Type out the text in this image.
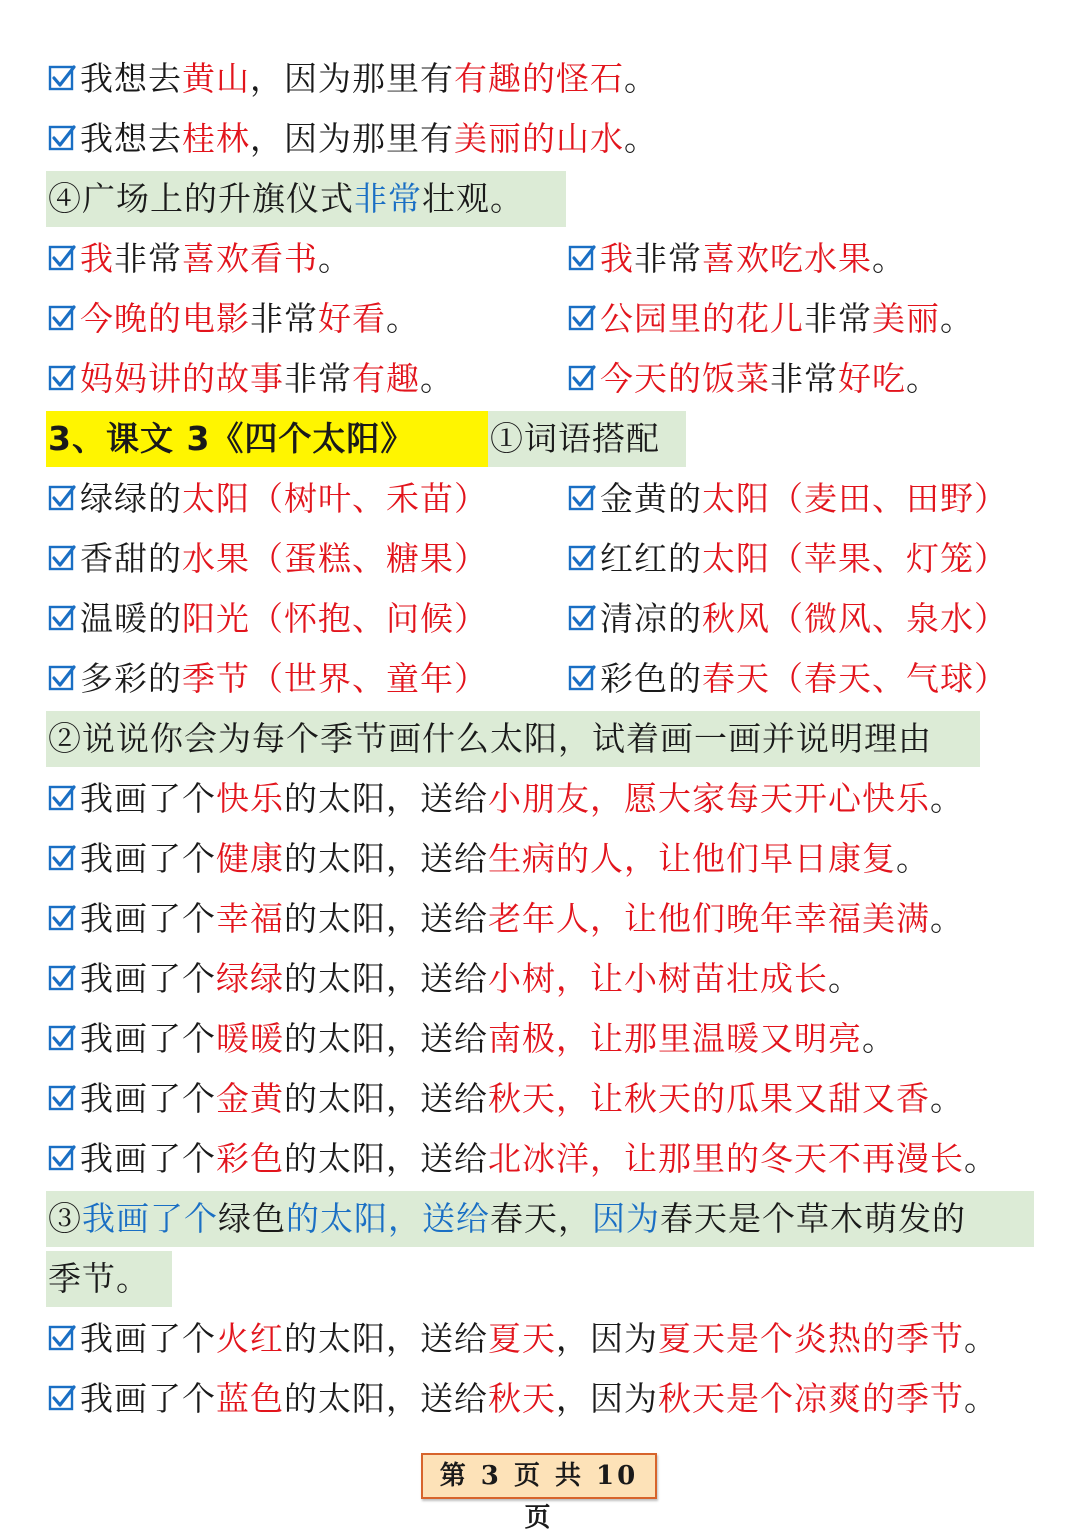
我想去黄山，因为那里有有趣的怪石。
我想去桂林，因为那里有美丽的山水。
④广场上的升旗仪式非常壮观。
我非常喜欢看书。	我非常喜欢吃水果。
今晚的电影非常好看。	公园里的花儿非常美丽。
妈妈讲的故事非常有趣。	今天的饭菜非常好吃。
3、课文 3《四个太阳》 ①词语搭配
绿绿的太阳（树叶、禾苗）	金黄的太阳（麦田、田野）
香甜的水果（蛋糕、糖果）	红红的太阳（苹果、灯笼）
温暖的阳光（怀抱、问候）	清凉的秋风（微风、泉水）
多彩的季节（世界、童年）	彩色的春天（春天、气球）
②说说你会为每个季节画什么太阳，试着画一画并说明理由
我画了个快乐的太阳，送给小朋友，愿大家每天开心快乐。
我画了个健康的太阳，送给生病的人，让他们早日康复。
我画了个幸福的太阳，送给老年人，让他们晚年幸福美满。
我画了个绿绿的太阳，送给小树，让小树苗壮成长。
我画了个暖暖的太阳，送给南极，让那里温暖又明亮。
我画了个金黄的太阳，送给秋天，让秋天的瓜果又甜又香。
我画了个彩色的太阳，送给北冰洋，让那里的冬天不再漫长。
③我画了个绿色的太阳，送给春天，因为春天是个草木萌发的
季节。
我画了个火红的太阳，送给夏天，因为夏天是个炎热的季节。
我画了个蓝色的太阳，送给秋天，因为秋天是个凉爽的季节。
第 3 页 共 10 页
